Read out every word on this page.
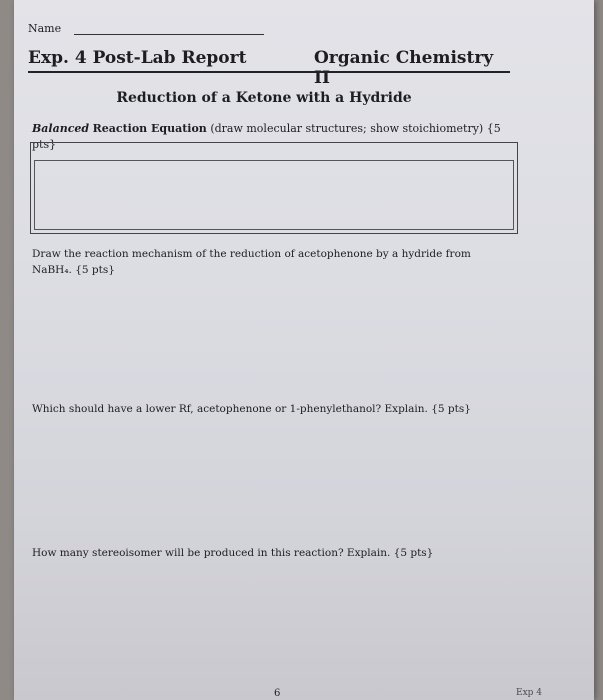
Name
Exp. 4 Post-Lab Report	Organic Chemistry II
Reduction of a Ketone with a Hydride
Balanced Reaction Equation (draw molecular structures; show stoichiometry) {5 pts}
Draw the reaction mechanism of the reduction of acetophenone by a hydride from NaBH₄. {5 pts}
Which should have a lower Rf, acetophenone or 1-phenylethanol? Explain. {5 pts}
How many stereoisomer will be produced in this reaction? Explain. {5 pts}
6	Exp 4
